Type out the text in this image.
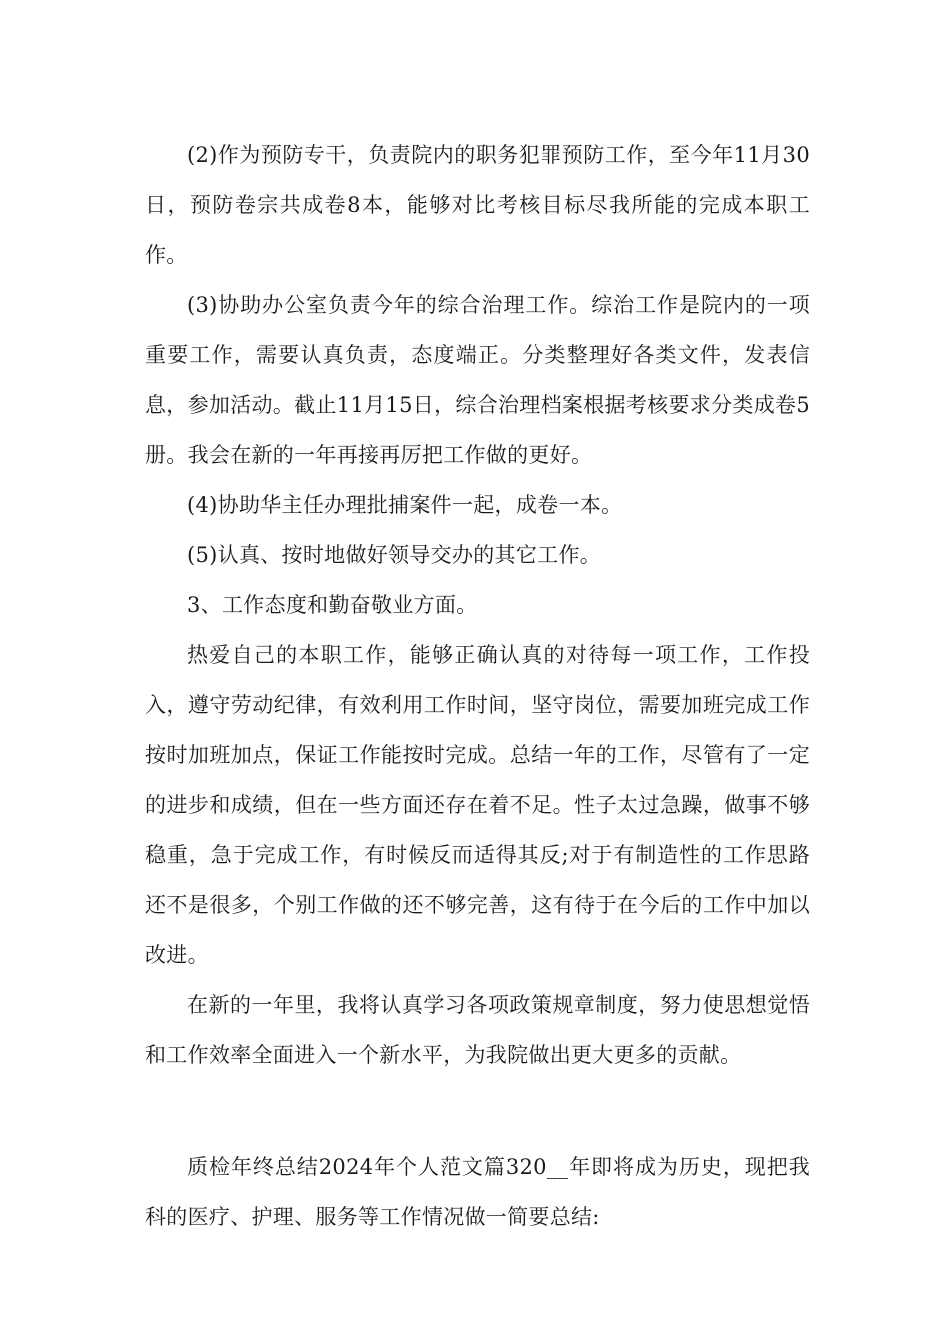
(2)作为预防专干，负责院内的职务犯罪预防工作，至今年11月30日，预防卷宗共成卷8本，能够对比考核目标尽我所能的完成本职工作。

(3)协助办公室负责今年的综合治理工作。综治工作是院内的一项重要工作，需要认真负责，态度端正。分类整理好各类文件，发表信息，参加活动。截止11月15日，综合治理档案根据考核要求分类成卷5册。我会在新的一年再接再厉把工作做的更好。

(4)协助华主任办理批捕案件一起，成卷一本。

(5)认真、按时地做好领导交办的其它工作。

3、工作态度和勤奋敬业方面。

热爱自己的本职工作，能够正确认真的对待每一项工作，工作投入，遵守劳动纪律，有效利用工作时间，坚守岗位，需要加班完成工作按时加班加点，保证工作能按时完成。总结一年的工作，尽管有了一定的进步和成绩，但在一些方面还存在着不足。性子太过急躁，做事不够稳重，急于完成工作，有时候反而适得其反;对于有制造性的工作思路还不是很多，个别工作做的还不够完善，这有待于在今后的工作中加以改进。

在新的一年里，我将认真学习各项政策规章制度，努力使思想觉悟和工作效率全面进入一个新水平，为我院做出更大更多的贡献。

质检年终总结2024年个人范文篇320__年即将成为历史，现把我科的医疗、护理、服务等工作情况做一简要总结:
